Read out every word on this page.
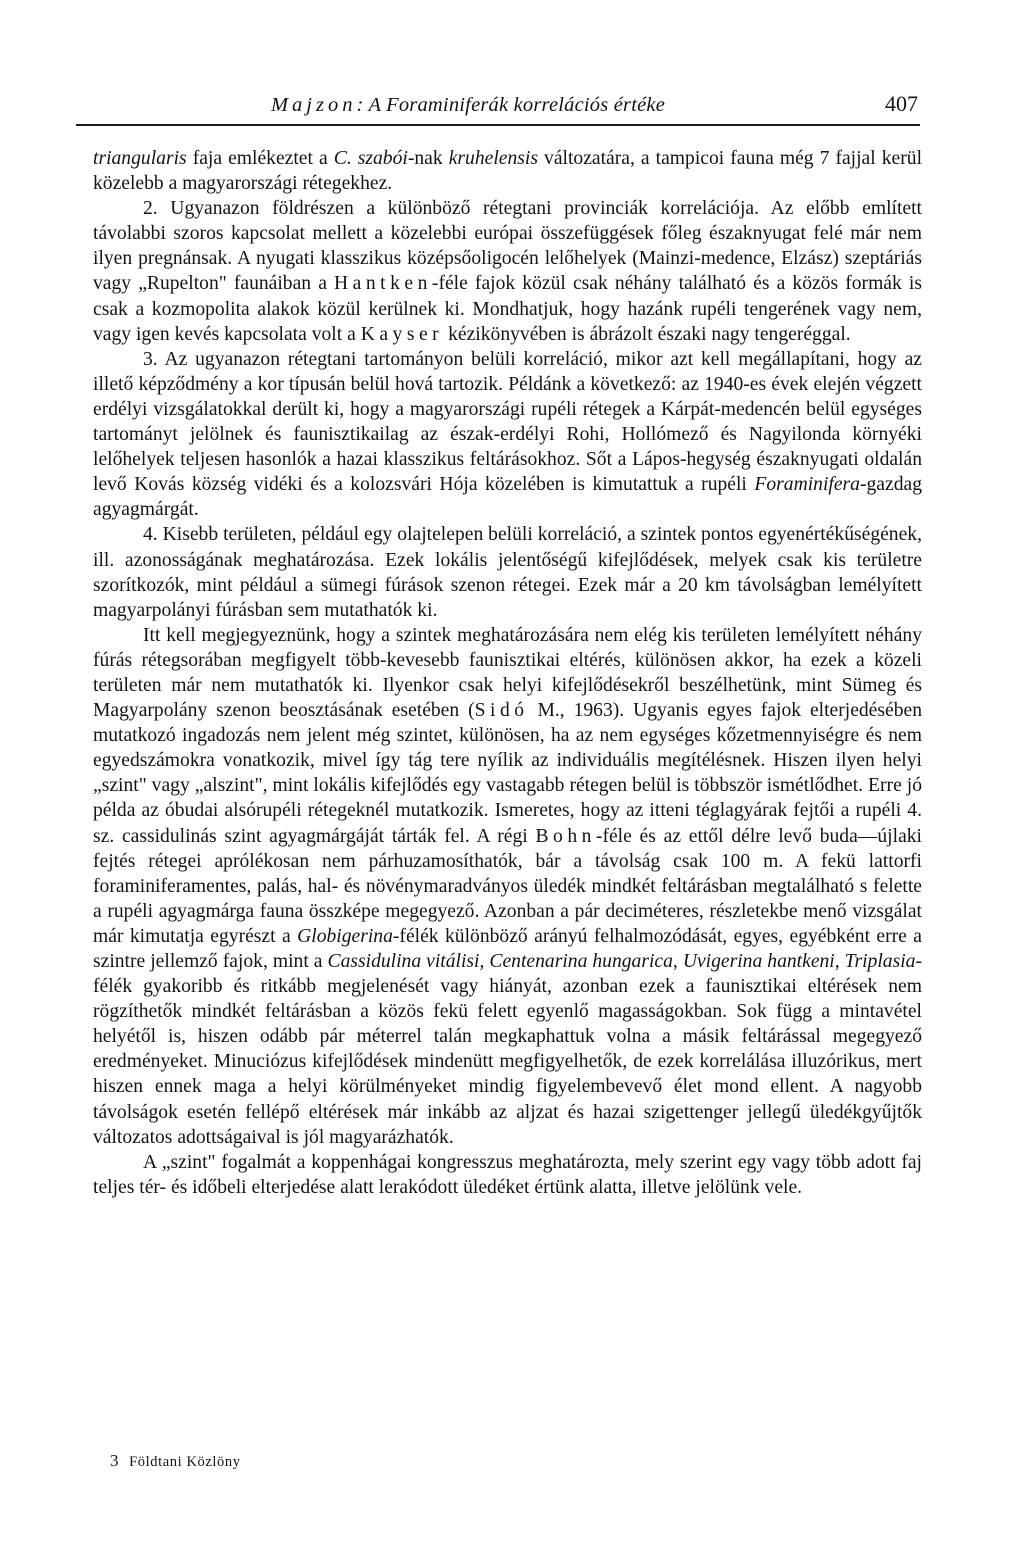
Majzon: A Foraminiferák korrelációs értéke	407

triangularis faja emlékeztet a C. szabói-nak kruhelensis változatára, a tampicoi fauna még 7 fajjal kerül közelebb a magyarországi rétegekhez.

2. Ugyanazon földrészen a különböző rétegtani provinciák korrelációja. Az előbb említett távolabbi szoros kapcsolat mellett a közelebbi európai összefüggések főleg északnyugat felé már nem ilyen pregnánsak. A nyugati klasszikus középsőoligocén lelőhelyek (Mainzi-medence, Elzász) szeptáriás vagy „Rupelton" faunáiban a Hantken-féle fajok közül csak néhány található és a közös formák is csak a kozmopolita alakok közül kerülnek ki. Mondhatjuk, hogy hazánk rupéli tengerének vagy nem, vagy igen kevés kapcsolata volt a Kayser kézikönyvében is ábrázolt északi nagy tengeréggal.

3. Az ugyanazon rétegtani tartományon belüli korreláció, mikor azt kell megállapítani, hogy az illető képződmény a kor típusán belül hová tartozik. Példánk a következő: az 1940-es évek elején végzett erdélyi vizsgálatokkal derült ki, hogy a magyarországi rupéli rétegek a Kárpát-medencén belül egységes tartományt jelölnek és faunisztikailag az észak-erdélyi Rohi, Hollómező és Nagyilonda környéki lelőhelyek teljesen hasonlók a hazai klasszikus feltárásokhoz. Sőt a Lápos-hegység északnyugati oldalán levő Kovás község vidéki és a kolozsvári Hója közelében is kimutattuk a rupéli Foraminifera-gazdag agyagmárgát.

4. Kisebb területen, például egy olajtelepen belüli korreláció, a szintek pontos egyenértékűségének, ill. azonosságának meghatározása. Ezek lokális jelentőségű kifejlődések, melyek csak kis területre szorítkozók, mint például a sümegi fúrások szenon rétegei. Ezek már a 20 km távolságban lemélyített magyarpolányi fúrásban sem mutathatók ki.

Itt kell megjegyeznünk, hogy a szintek meghatározására nem elég kis területen lemélyített néhány fúrás rétegsorában megfigyelt több-kevesebb faunisztikai eltérés, különösen akkor, ha ezek a közeli területen már nem mutathatók ki. Ilyenkor csak helyi kifejlődésekről beszélhetünk, mint Sümeg és Magyarpolány szenon beosztásának esetében (Sidó M., 1963). Ugyanis egyes fajok elterjedésében mutatkozó ingadozás nem jelent még szintet, különösen, ha az nem egységes kőzetmennyiségre és nem egyedszámokra vonatkozik, mivel így tág tere nyílik az individuális megítélésnek. Hiszen ilyen helyi „szint" vagy „alszint", mint lokális kifejlődés egy vastagabb rétegen belül is többször ismétlődhet. Erre jó példa az óbudai alsórupéli rétegeknél mutatkozik. Ismeretes, hogy az itteni téglagyárak fejtői a rupéli 4. sz. cassidulinás szint agyagmárgáját tárták fel. A régi Bohn-féle és az ettől délre levő buda—újlaki fejtés rétegei aprólékosan nem párhuzamosíthatók, bár a távolság csak 100 m. A fekü lattorfi foraminiferamentes, palás, hal- és növénymaradványos üledék mindkét feltárásban megtalálható s felette a rupéli agyagmárga fauna összképe megegyező. Azonban a pár deciméteres, részletekbe menő vizsgálat már kimutatja egyrészt a Globigerina-félék különböző arányú felhalmozódását, egyes, egyébként erre a szintre jellemző fajok, mint a Cassidulina vitálisi, Centenarina hungarica, Uvigerina hantkeni, Triplasia-félék gyakoribb és ritkább megjelenését vagy hiányát, azonban ezek a faunisztikai eltérések nem rögzíthetők mindkét feltárásban a közös fekü felett egyenlő magasságokban. Sok függ a mintavétel helyétől is, hiszen odább pár méterrel talán megkaphattuk volna a másik feltárással megegyező eredményeket. Minuciózus kifejlődések mindenütt megfigyelhetők, de ezek korrelálása illuzórikus, mert hiszen ennek maga a helyi körülményeket mindig figyelembevevő élet mond ellent. A nagyobb távolságok esetén fellépő eltérések már inkább az aljzat és hazai szigettenger jellegű üledékgyűjtők változatos adottságaival is jól magyarázhatók.

A „szint" fogalmát a koppenhágai kongresszus meghatározta, mely szerint egy vagy több adott faj teljes tér- és időbeli elterjedése alatt lerakódott üledéket értünk alatta, illetve jelölünk vele.

3 Földtani Közlöny
